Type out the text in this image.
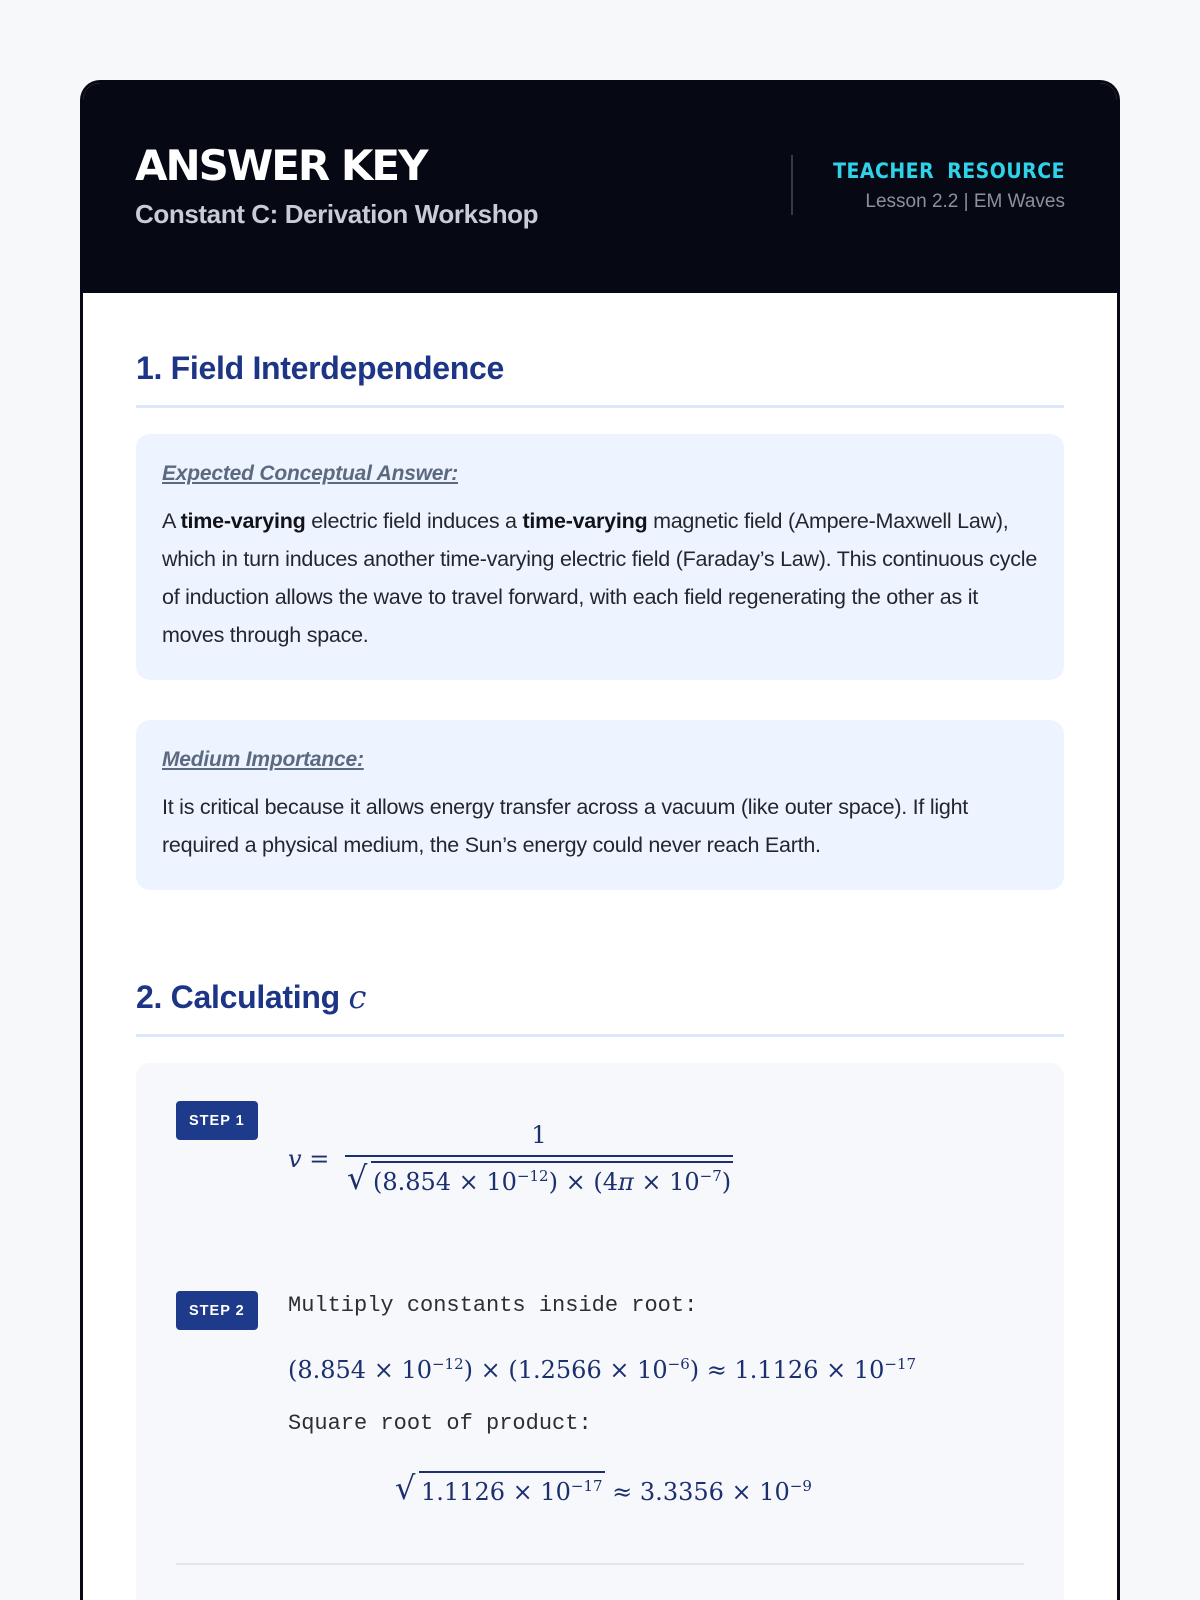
ANSWER KEY
Constant C: Derivation Workshop
TEACHER RESOURCE
Lesson 2.2 | EM Waves
1. Field Interdependence
Expected Conceptual Answer:
A time-varying electric field induces a time-varying magnetic field (Ampere-Maxwell Law), which in turn induces another time-varying electric field (Faraday’s Law). This continuous cycle of induction allows the wave to travel forward, with each field regenerating the other as it moves through space.
Medium Importance:
It is critical because it allows energy transfer across a vacuum (like outer space). If light required a physical medium, the Sun’s energy could never reach Earth.
2. Calculating c
STEP 1
$v = \frac{1}{√ (8.854 \times 10^{-12}) \times (4\pi \times 10^{-7})}$
STEP 2	Multiply constants inside root:
$(8.854 \times 10^{-12}) \times (1.2566 \times 10^{-6}) \approx 1.1126 \times 10^{-17}$
Square root of product:
√ $1.1126 \times 10^{-17} \approx 3.3356 \times 10^{-9}$
